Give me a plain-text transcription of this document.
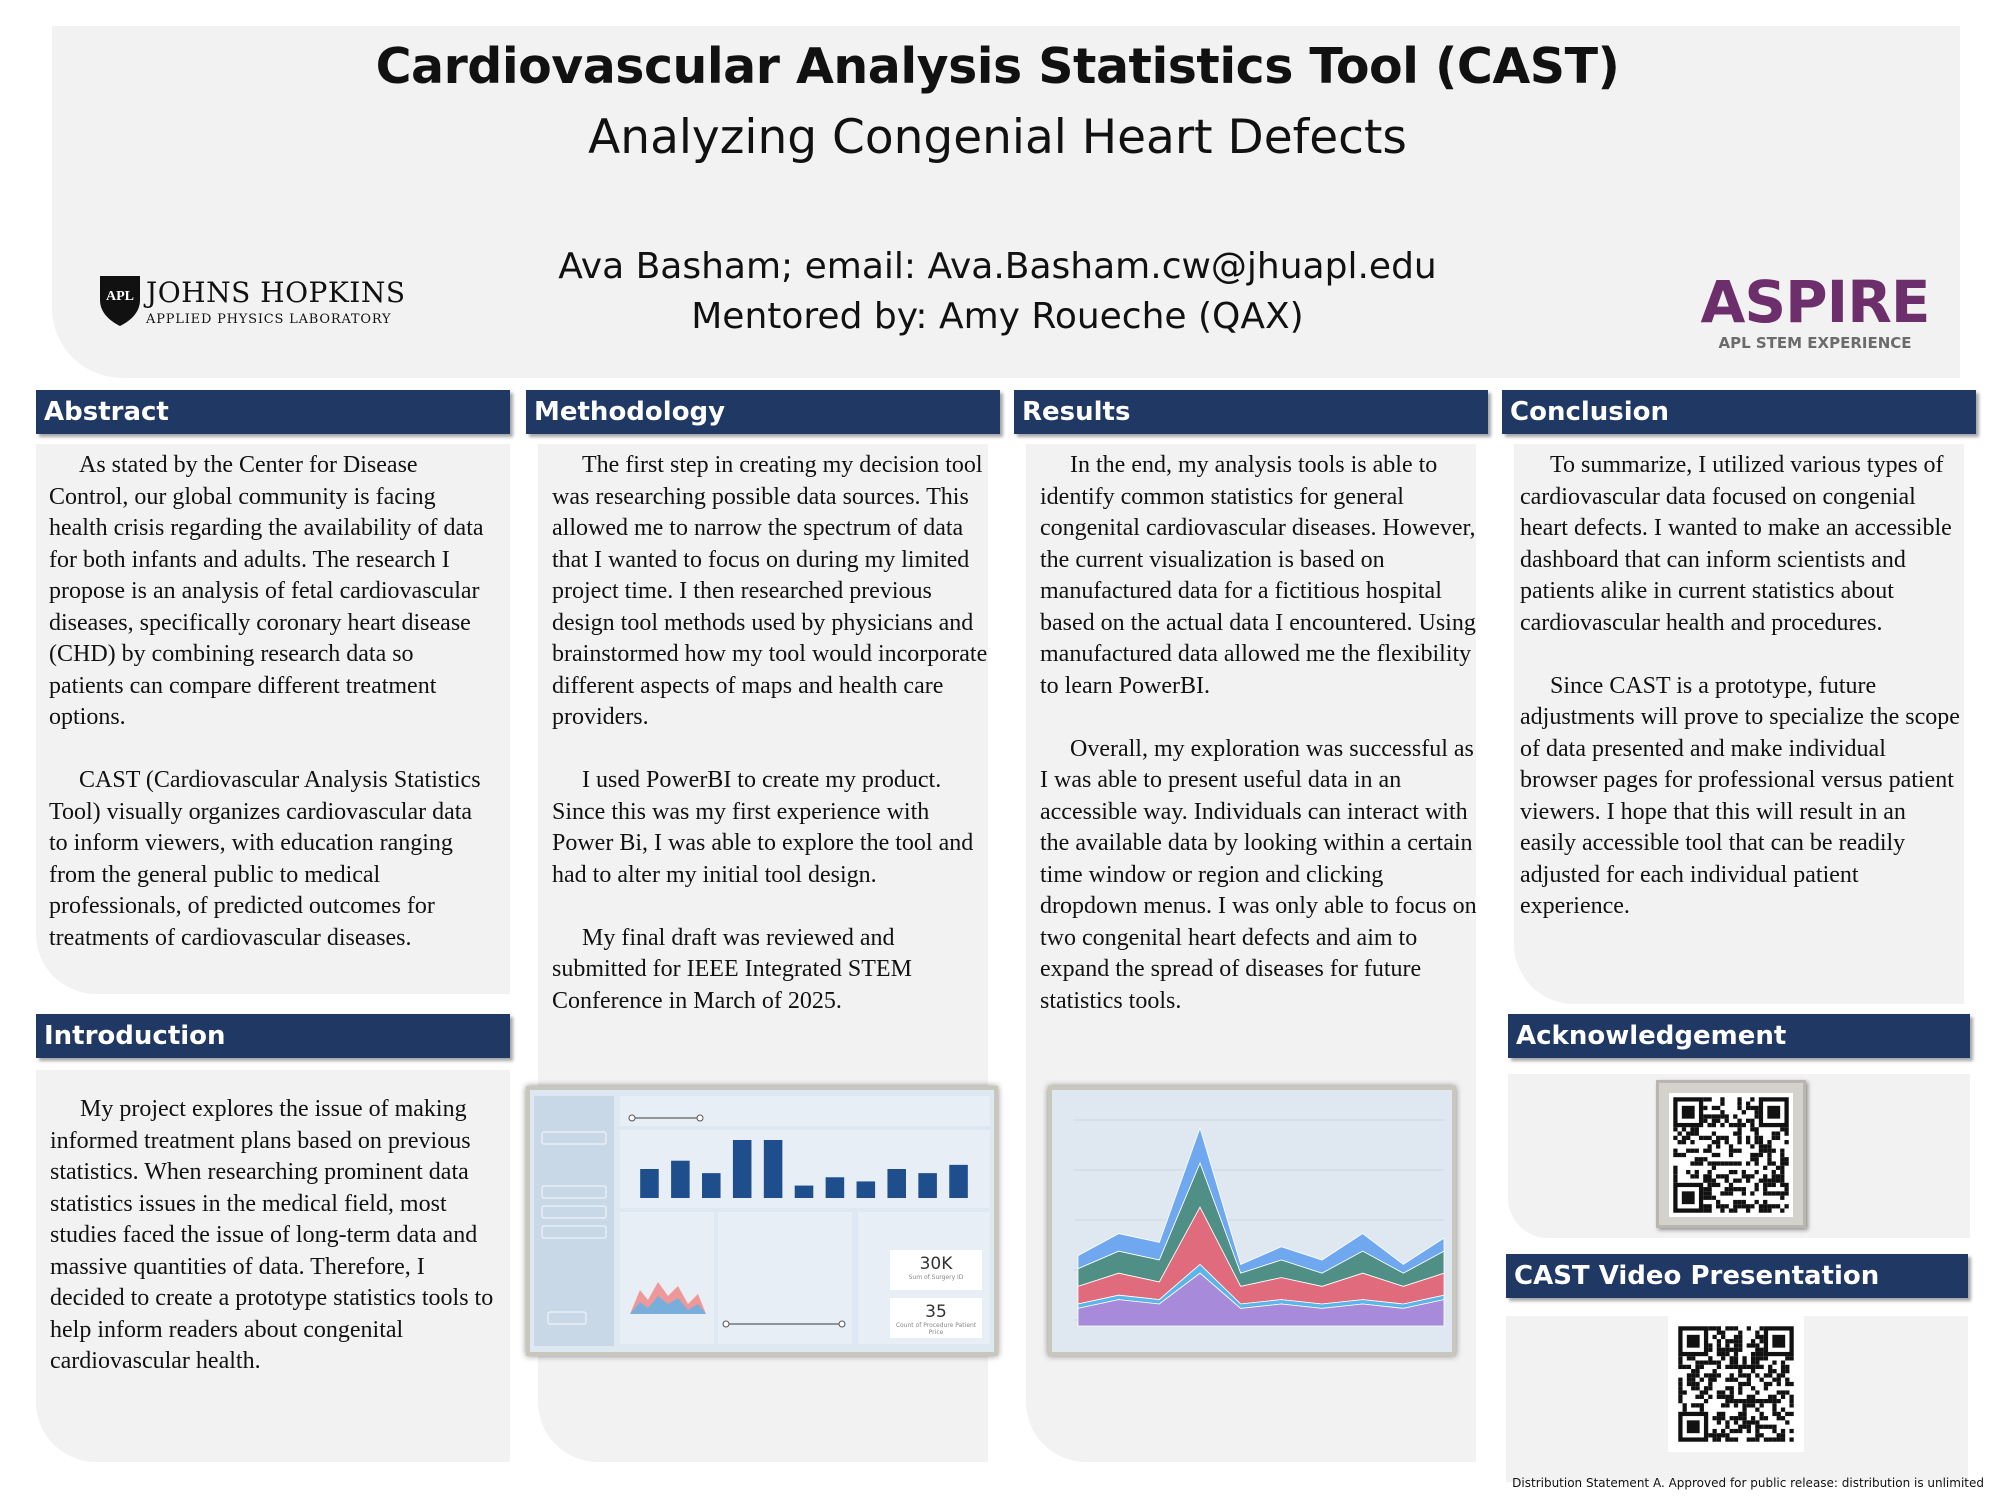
Cardiovascular Analysis Statistics Tool (CAST)
Analyzing Congenial Heart Defects
Ava Basham; email: Ava.Basham.cw@jhuapl.edu
Mentored by: Amy Roueche (QAX)
APL JOHNS HOPKINS
APPLIED PHYSICS LABORATORY	ASPIRE
APL STEM EXPERIENCE
Abstract

As stated by the Center for Disease Control, our global community is facing health crisis regarding the availability of data for both infants and adults. The research I propose is an analysis of fetal cardiovascular diseases, specifically coronary heart disease (CHD) by combining research data so patients can compare different treatment options.

CAST (Cardiovascular Analysis Statistics Tool) visually organizes cardiovascular data to inform viewers, with education ranging from the general public to medical professionals, of predicted outcomes for treatments of cardiovascular diseases.

Introduction

My project explores the issue of making informed treatment plans based on previous statistics. When researching prominent data statistics issues in the medical field, most studies faced the issue of long-term data and massive quantities of data. Therefore, I decided to create a prototype statistics tools to help inform readers about congenital cardiovascular health.

Methodology

The first step in creating my decision tool was researching possible data sources. This allowed me to narrow the spectrum of data that I wanted to focus on during my limited project time. I then researched previous design tool methods used by physicians and brainstormed how my tool would incorporate different aspects of maps and health care providers.

I used PowerBI to create my product. Since this was my first experience with Power Bi, I was able to explore the tool and had to alter my initial tool design.

My final draft was reviewed and submitted for IEEE Integrated STEM Conference in March of 2025.

30K
Sum of Surgery ID
35
Count of Procedure Patient Price
Results

In the end, my analysis tools is able to identify common statistics for general congenital cardiovascular diseases. However, the current visualization is based on manufactured data for a fictitious hospital based on the actual data I encountered. Using manufactured data allowed me the flexibility to learn PowerBI.

Overall, my exploration was successful as I was able to present useful data in an accessible way. Individuals can interact with the available data by looking within a certain time window or region and clicking dropdown menus. I was only able to focus on two congenital heart defects and aim to expand the spread of diseases for future statistics tools.

Conclusion

To summarize, I utilized various types of cardiovascular data focused on congenial heart defects. I wanted to make an accessible dashboard that can inform scientists and patients alike in current statistics about cardiovascular health and procedures.

Since CAST is a prototype, future adjustments will prove to specialize the scope of data presented and make individual browser pages for professional versus patient viewers. I hope that this will result in an easily accessible tool that can be readily adjusted for each individual patient experience.

Acknowledgement
CAST Video Presentation
Distribution Statement A. Approved for public release: distribution is unlimited
